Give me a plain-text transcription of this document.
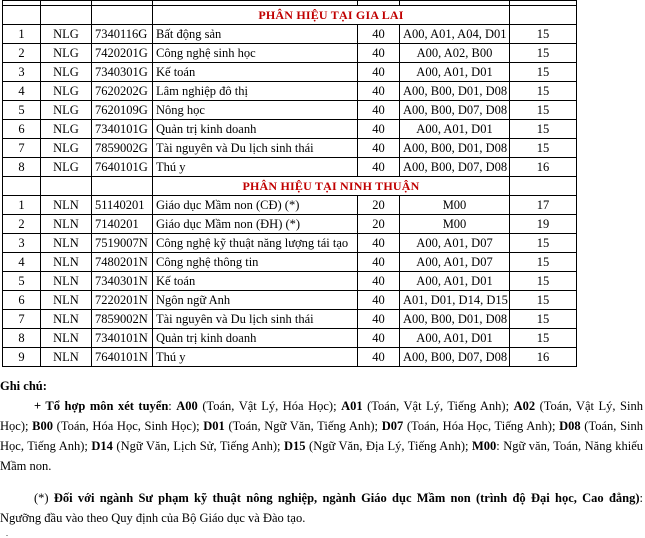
			PHÂN HIỆU TẠI GIA LAI			
1	NLG	7340116G	Bất động sản	40	A00, A01, A04, D01	15
2	NLG	7420201G	Công nghệ sinh học	40	A00, A02, B00	15
3	NLG	7340301G	Kế toán	40	A00, A01, D01	15
4	NLG	7620202G	Lâm nghiệp đô thị	40	A00, B00, D01, D08	15
5	NLG	7620109G	Nông học	40	A00, B00, D07, D08	15
6	NLG	7340101G	Quản trị kinh doanh	40	A00, A01, D01	15
7	NLG	7859002G	Tài nguyên và Du lịch sinh thái	40	A00, B00, D01, D08	15
8	NLG	7640101G	Thú y	40	A00, B00, D07, D08	16
			PHÂN HIỆU TẠI NINH THUẬN			
1	NLN	51140201	Giáo dục Mầm non (CĐ) (*)	20	M00	17
2	NLN	7140201	Giáo dục Mầm non (ĐH) (*)	20	M00	19
3	NLN	7519007N	Công nghệ kỹ thuật năng lượng tái tạo	40	A00, A01, D07	15
4	NLN	7480201N	Công nghệ thông tin	40	A00, A01, D07	15
5	NLN	7340301N	Kế toán	40	A00, A01, D01	15
6	NLN	7220201N	Ngôn ngữ Anh	40	A01, D01, D14, D15	15
7	NLN	7859002N	Tài nguyên và Du lịch sinh thái	40	A00, B00, D01, D08	15
8	NLN	7340101N	Quản trị kinh doanh	40	A00, A01, D01	15
9	NLN	7640101N	Thú y	40	A00, B00, D07, D08	16

Ghi chú:

+ Tổ hợp môn xét tuyển: A00 (Toán, Vật Lý, Hóa Học); A01 (Toán, Vật Lý, Tiếng Anh); A02 (Toán, Vật Lý, Sinh Học); B00 (Toán, Hóa Học, Sinh Học); D01 (Toán, Ngữ Văn, Tiếng Anh); D07 (Toán, Hóa Học, Tiếng Anh); D08 (Toán, Sinh Học, Tiếng Anh); D14 (Ngữ Văn, Lịch Sử, Tiếng Anh); D15 (Ngữ Văn, Địa Lý, Tiếng Anh); M00: Ngữ văn, Toán, Năng khiếu Mầm non.

(*) Đối với ngành Sư phạm kỹ thuật nông nghiệp, ngành Giáo dục Mầm non (trình độ Đại học, Cao đẳng): Ngưỡng đầu vào theo Quy định của Bộ Giáo dục và Đào tạo.

.
